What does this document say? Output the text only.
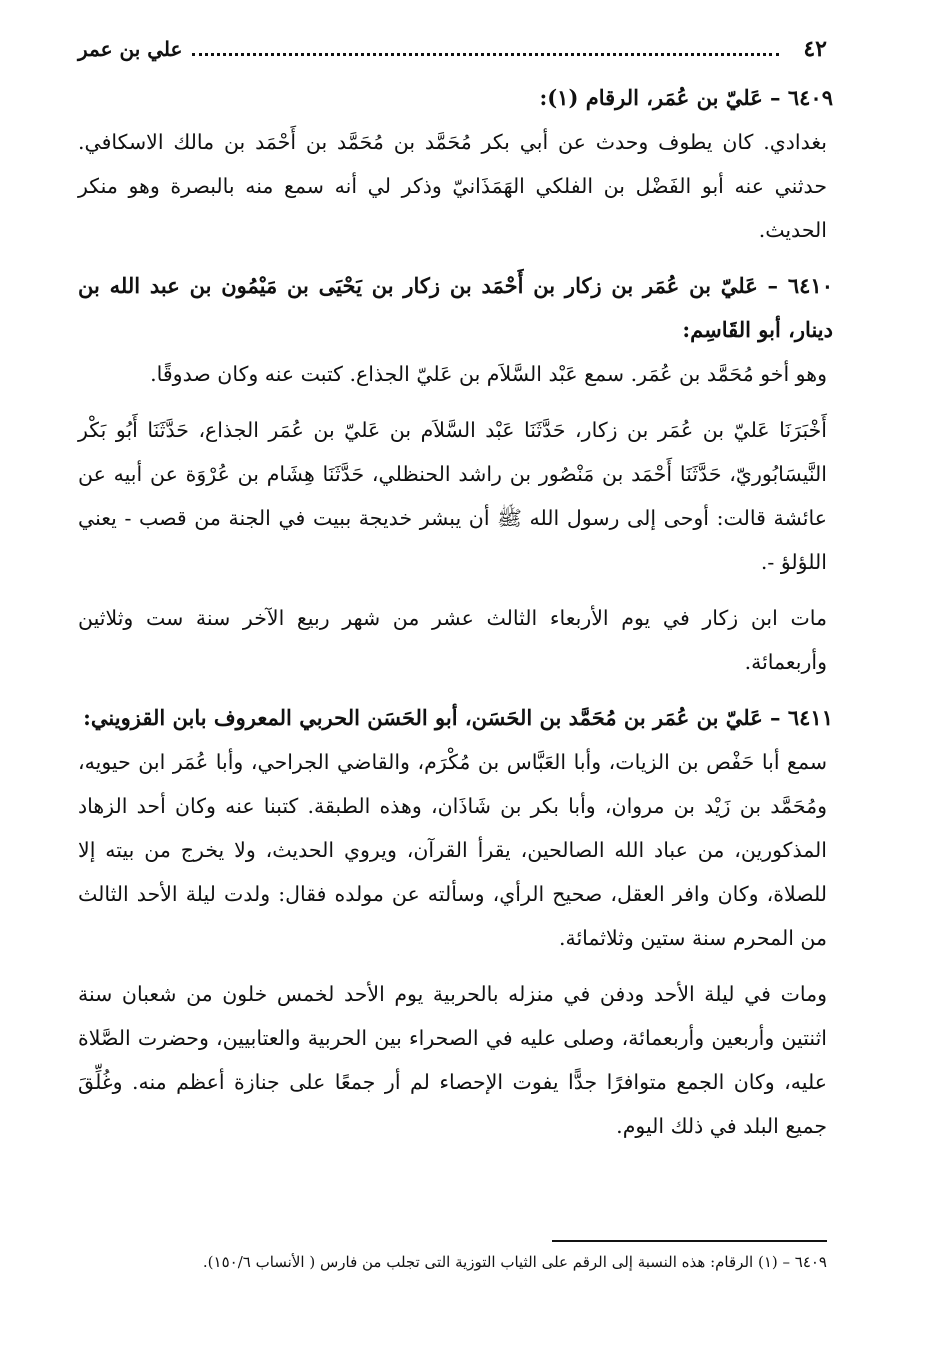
٤٢
علي بن عمر
٦٤٠٩ – عَليّ بن عُمَر، الرقام (١):
بغدادي. كان يطوف وحدث عن أبي بكر مُحَمَّد بن مُحَمَّد بن أَحْمَد بن مالك الاسكافي. حدثني عنه أبو الفَضْل بن الفلكي الهَمَذَانيّ وذكر لي أنه سمع منه بالبصرة وهو منكر الحديث.
٦٤١٠ – عَليّ بن عُمَر بن زكار بن أَحْمَد بن زكار بن يَحْيَى بن مَيْمُون بن عبد الله بن دينار، أبو القَاسِم:
وهو أخو مُحَمَّد بن عُمَر. سمع عَبْد السَّلاَم بن عَليّ الجذاع. كتبت عنه وكان صدوقًا.
أَخْبَرَنَا عَليّ بن عُمَر بن زكار، حَدَّثَنَا عَبْد السَّلاَم بن عَليّ بن عُمَر الجذاع، حَدَّثَنَا أَبُو بَكْر النَّيسَابُوريّ، حَدَّثَنَا أَحْمَد بن مَنْصُور بن راشد الحنظلي، حَدَّثَنَا هِشَام بن عُرْوَة عن أبيه عن عائشة قالت: أوحى إلى رسول الله ﷺ أن يبشر خديجة ببيت في الجنة من قصب - يعني اللؤلؤ -.
مات ابن زكار في يوم الأربعاء الثالث عشر من شهر ربيع الآخر سنة ست وثلاثين وأربعمائة.
٦٤١١ – عَليّ بن عُمَر بن مُحَمَّد بن الحَسَن، أبو الحَسَن الحربي المعروف بابن القزويني:
سمع أبا حَفْص بن الزيات، وأبا العَبَّاس بن مُكْرَم، والقاضي الجراحي، وأبا عُمَر ابن حيويه، ومُحَمَّد بن زَيْد بن مروان، وأبا بكر بن شَاذَان، وهذه الطبقة. كتبنا عنه وكان أحد الزهاد المذكورين، من عباد الله الصالحين، يقرأ القرآن، ويروي الحديث، ولا يخرج من بيته إلا للصلاة، وكان وافر العقل، صحيح الرأي، وسألته عن مولده فقال: ولدت ليلة الأحد الثالث من المحرم سنة ستين وثلاثمائة.
ومات في ليلة الأحد ودفن في منزله بالحربية يوم الأحد لخمس خلون من شعبان سنة اثنتين وأربعين وأربعمائة، وصلى عليه في الصحراء بين الحربية والعتابيين، وحضرت الصَّلاة عليه، وكان الجمع متوافرًا جدًّا يفوت الإحصاء لم أر جمعًا على جنازة أعظم منه. وغُلِّقَ جميع البلد في ذلك اليوم.
٦٤٠٩ – (١) الرقام: هذه النسبة إلى الرقم على الثياب التوزية التى تجلب من فارس ( الأنساب ١٥٠/٦).
